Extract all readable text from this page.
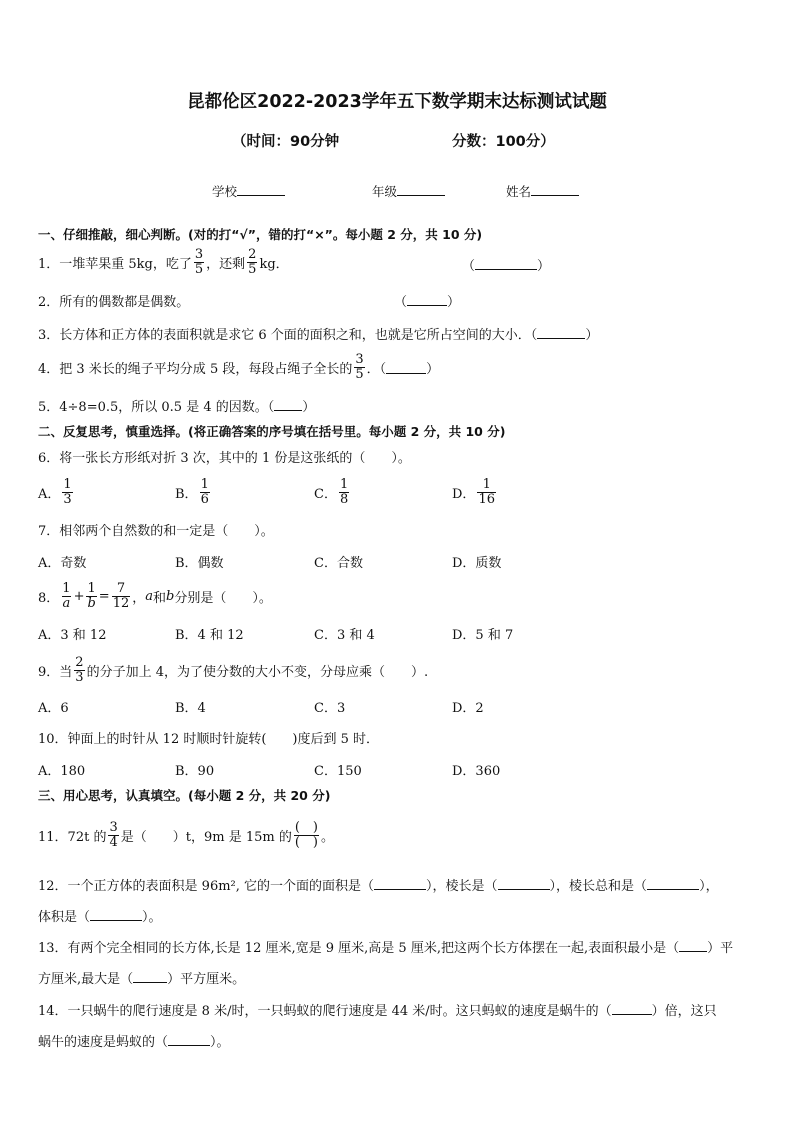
昆都伦区2022-2023学年五下数学期末达标测试试题
（时间：90分钟	分数：100分）
学校	年级	姓名
一、仔细推敲，细心判断。(对的打“√”，错的打“×”。每小题 2 分，共 10 分)
1．一堆苹果重 5kg，吃了 $\frac{3}{5}$ ，还剩 $\frac{2}{5}$ kg．	（	）
2．所有的偶数都是偶数。	（	）
3．长方体和正方体的表面积就是求它 6 个面的面积之和，也就是它所占空间的大小．（	）
4．把 3 米长的绳子平均分成 5 段，每段占绳子全长的 $\frac{3}{5}$ ．（	）
5．4÷8=0.5，所以 0.5 是 4 的因数。（ ）
二、反复思考，慎重选择。(将正确答案的序号填在括号里。每小题 2 分，共 10 分)
6．将一张长方形纸对折 3 次，其中的 1 份是这张纸的（　　）。
A． $\frac{1}{3}$	B． $\frac{1}{6}$	C． $\frac{1}{8}$	D． $\frac{1}{16}$
7．相邻两个自然数的和一定是（　　）。
A．奇数	B．偶数	C．合数	D．质数
8． $\frac{1}{a} + \frac{1}{b} = \frac{7}{12}$ ， a 和 b 分别是（　　）。
A．3 和 12	B．4 和 12	C．3 和 4	D．5 和 7
9．当 $\frac{2}{3}$ 的分子加上 4，为了使分数的大小不变，分母应乘（　　）.
A．6	B．4	C．3	D．2
10．钟面上的时针从 12 时顺时针旋转(　　)度后到 5 时．
A．180	B．90	C．150	D．360
三、用心思考，认真填空。(每小题 2 分，共 20 分)
11．72t 的 $\frac{3}{4}$ 是（　　）t，9m 是 15m 的 $\frac{( )}{( )}$ 。
12．一个正方体的表面积是 96m², 它的一个面的面积是（	），棱长是（	），棱长总和是（	），
体积是（	）。
13．有两个完全相同的长方体,长是 12 厘米,宽是 9 厘米,高是 5 厘米,把这两个长方体摆在一起,表面积最小是（ ）平
方厘米,最大是（	）平方厘米。
14．一只蜗牛的爬行速度是 8 米/时，一只蚂蚁的爬行速度是 44 米/时。这只蚂蚁的速度是蜗牛的（	）倍，这只
蜗牛的速度是蚂蚁的（	）。
